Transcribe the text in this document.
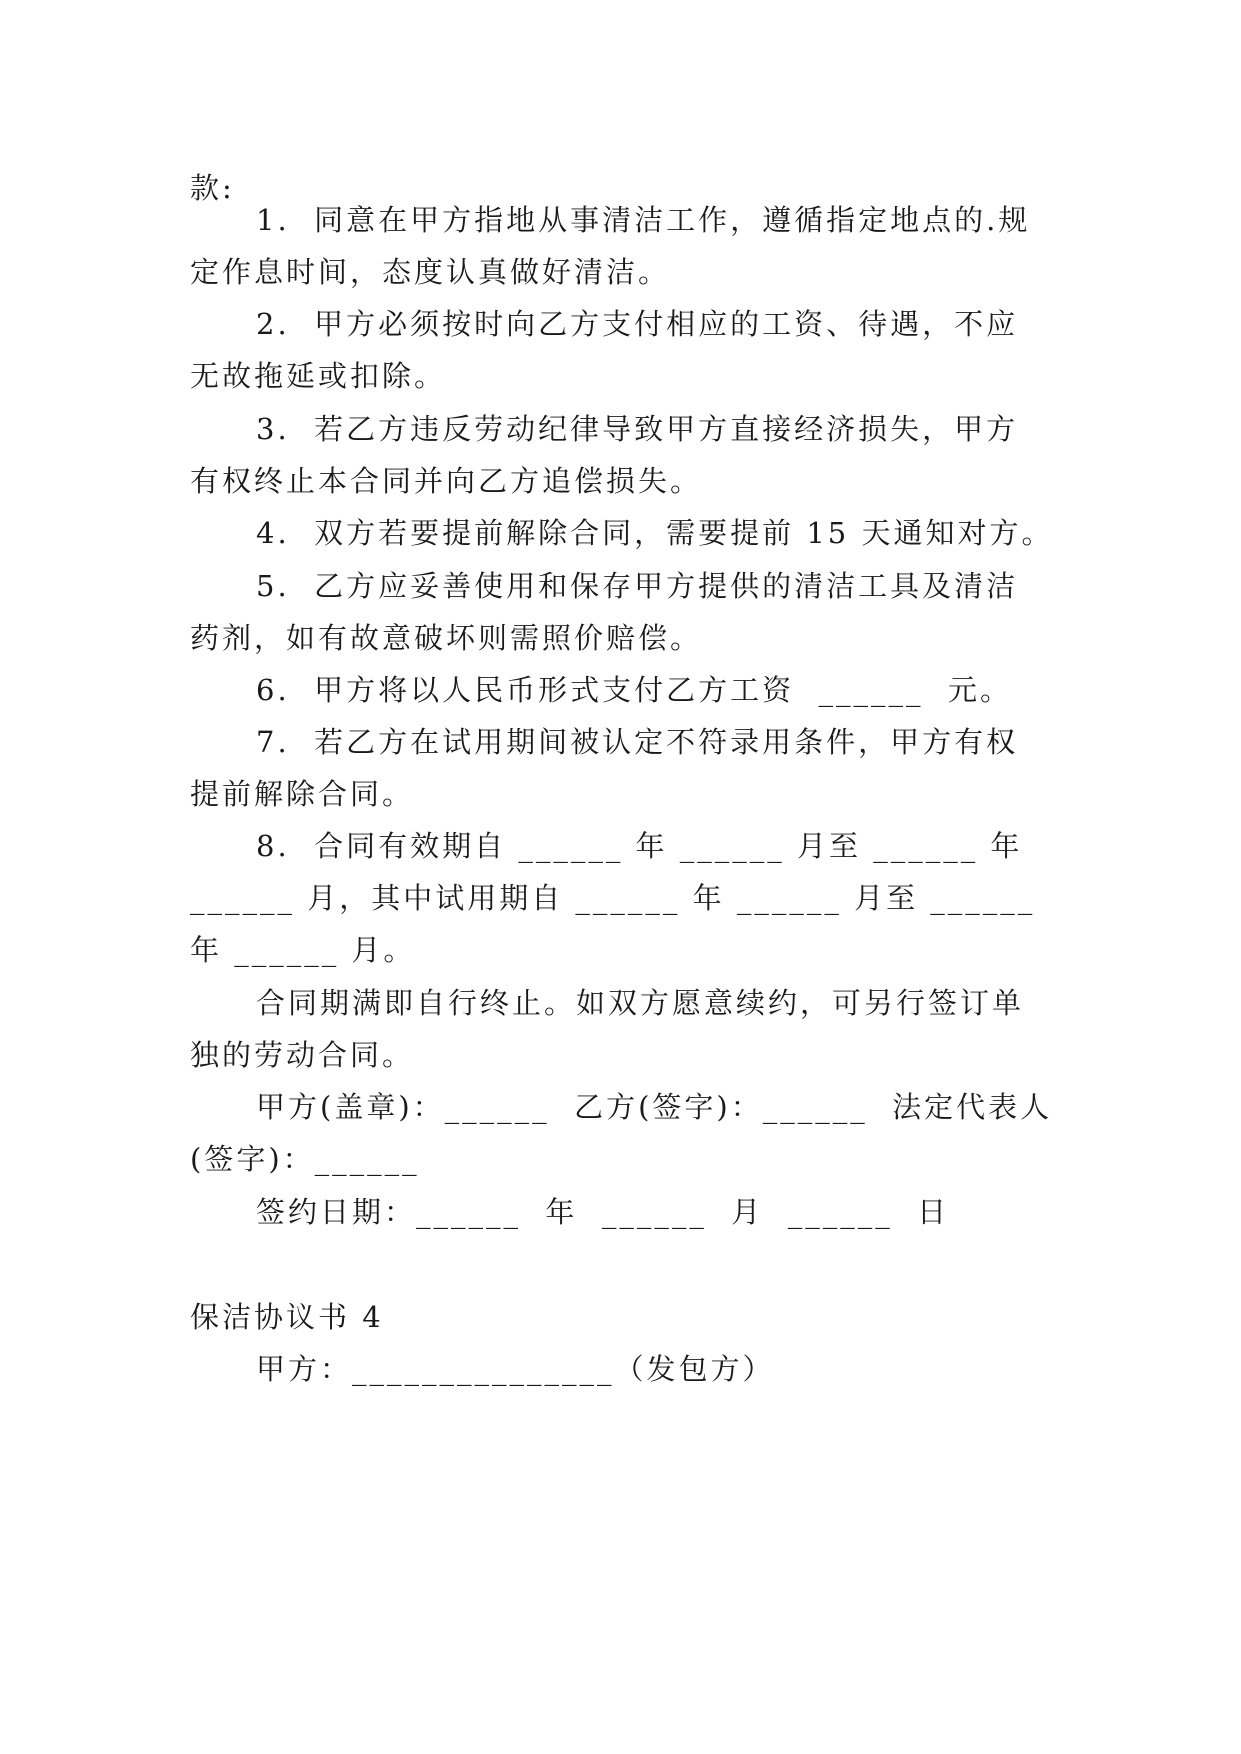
款:
1.  同意在甲方指地从事清洁工作，遵循指定地点的.规
定作息时间，态度认真做好清洁。
2.  甲方必须按时向乙方支付相应的工资、待遇，不应
无故拖延或扣除。
3.  若乙方违反劳动纪律导致甲方直接经济损失，甲方
有权终止本合同并向乙方追偿损失。
4.  双方若要提前解除合同，需要提前 15 天通知对方。
5.  乙方应妥善使用和保存甲方提供的清洁工具及清洁
药剂，如有故意破坏则需照价赔偿。
6.  甲方将以人民币形式支付乙方工资  ______  元。
7.  若乙方在试用期间被认定不符录用条件，甲方有权
提前解除合同。
8.  合同有效期自 ______ 年 ______ 月至 ______ 年
______ 月，其中试用期自 ______ 年 ______ 月至 ______
年 ______ 月。
合同期满即自行终止。如双方愿意续约，可另行签订单
独的劳动合同。
甲方(盖章)：______  乙方(签字)：______  法定代表人
(签字)：______
签约日期：______  年  ______  月  ______  日
保洁协议书 4
甲方：_______________（发包方）
